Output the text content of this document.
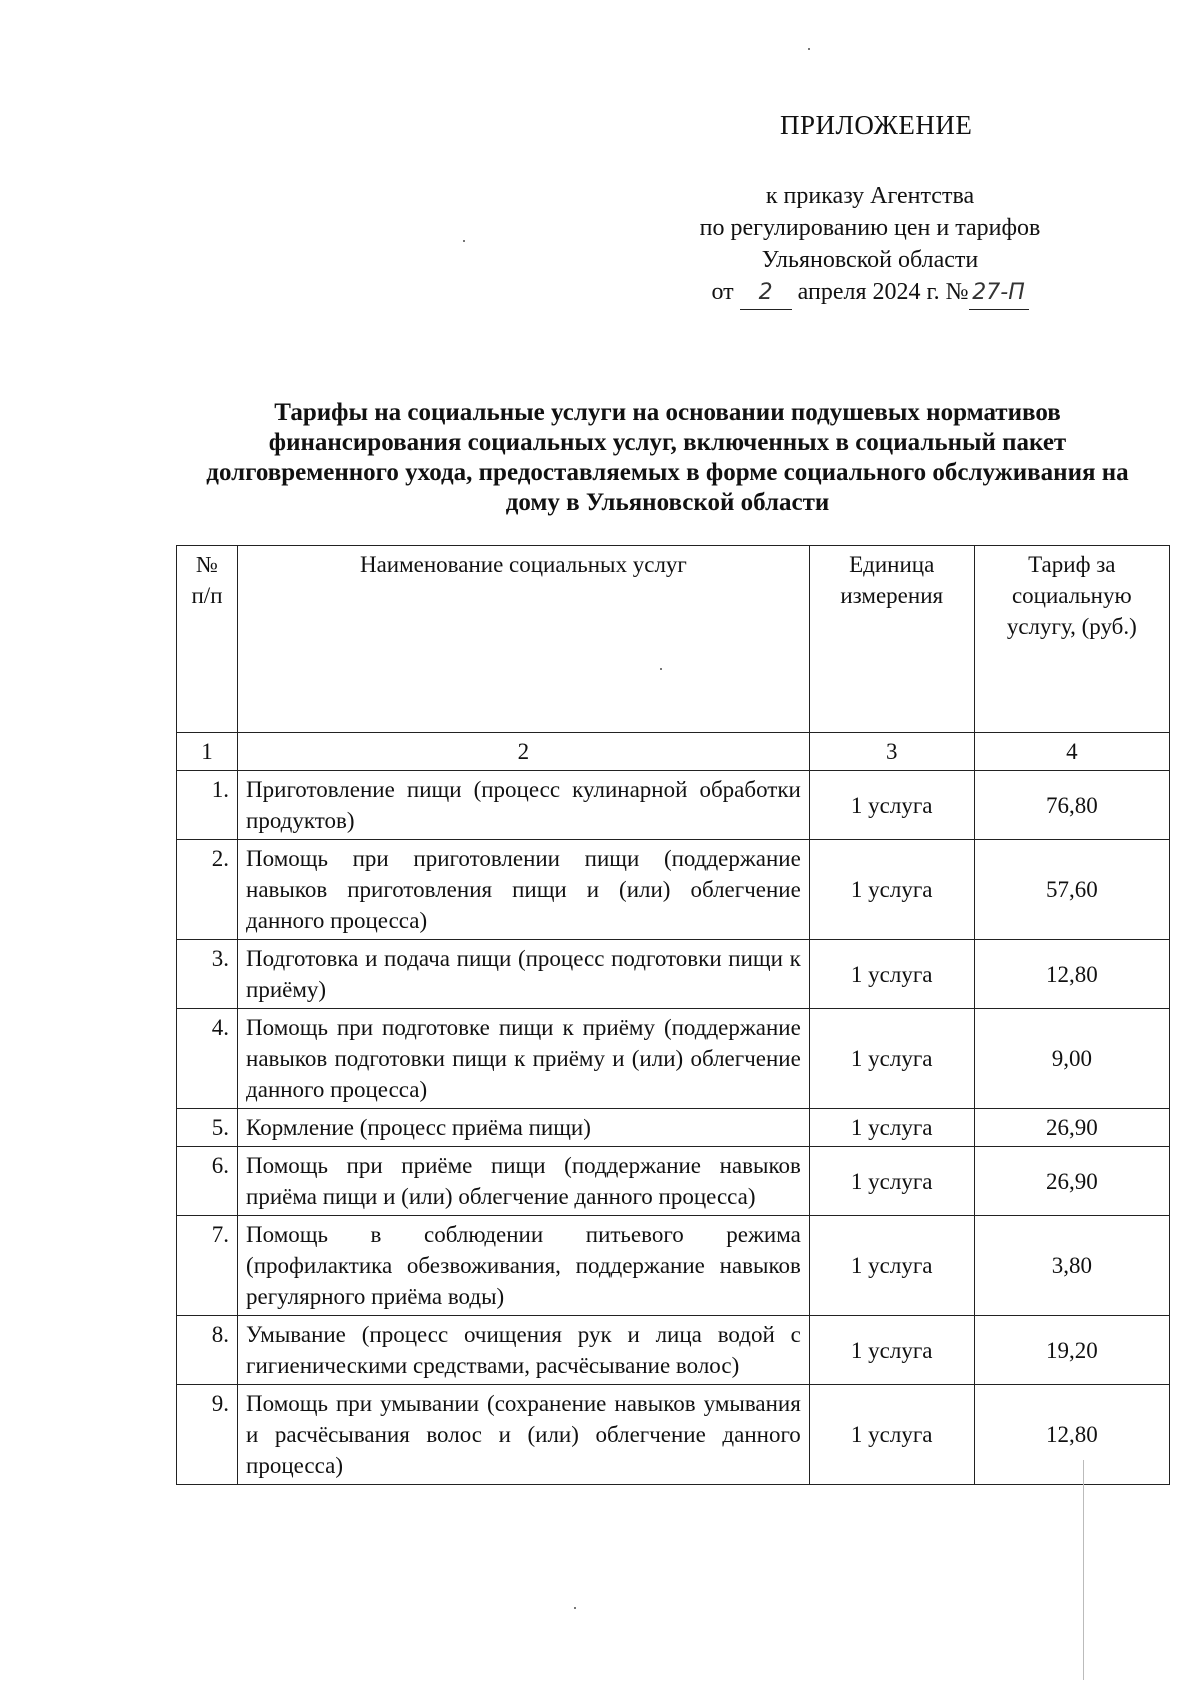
ПРИЛОЖЕНИЕ
к приказу Агентства
по регулированию цен и тарифов
Ульяновской области
от 2 апреля 2024 г. № 27-П
Тарифы на социальные услуги на основании подушевых нормативов финансирования социальных услуг, включенных в социальный пакет долговременного ухода, предоставляемых в форме социального обслуживания на дому в Ульяновской области
№ п/п	Наименование социальных услуг	Единица измерения	Тариф за социальную услугу, (руб.)
1	2	3	4
1.	Приготовление пищи (процесс кулинарной обработки продуктов)	1 услуга	76,80
2.	Помощь при приготовлении пищи (поддержание навыков приготовления пищи и (или) облегчение данного процесса)	1 услуга	57,60
3.	Подготовка и подача пищи (процесс подготовки пищи к приёму)	1 услуга	12,80
4.	Помощь при подготовке пищи к приёму (поддержание навыков подготовки пищи к приёму и (или) облегчение данного процесса)	1 услуга	9,00
5.	Кормление (процесс приёма пищи)	1 услуга	26,90
6.	Помощь при приёме пищи (поддержание навыков приёма пищи и (или) облегчение данного процесса)	1 услуга	26,90
7.	Помощь в соблюдении питьевого режима (профилактика обезвоживания, поддержание навыков регулярного приёма воды)	1 услуга	3,80
8.	Умывание (процесс очищения рук и лица водой с гигиеническими средствами, расчёсывание волос)	1 услуга	19,20
9.	Помощь при умывании (сохранение навыков умывания и расчёсывания волос и (или) облегчение данного процесса)	1 услуга	12,80
